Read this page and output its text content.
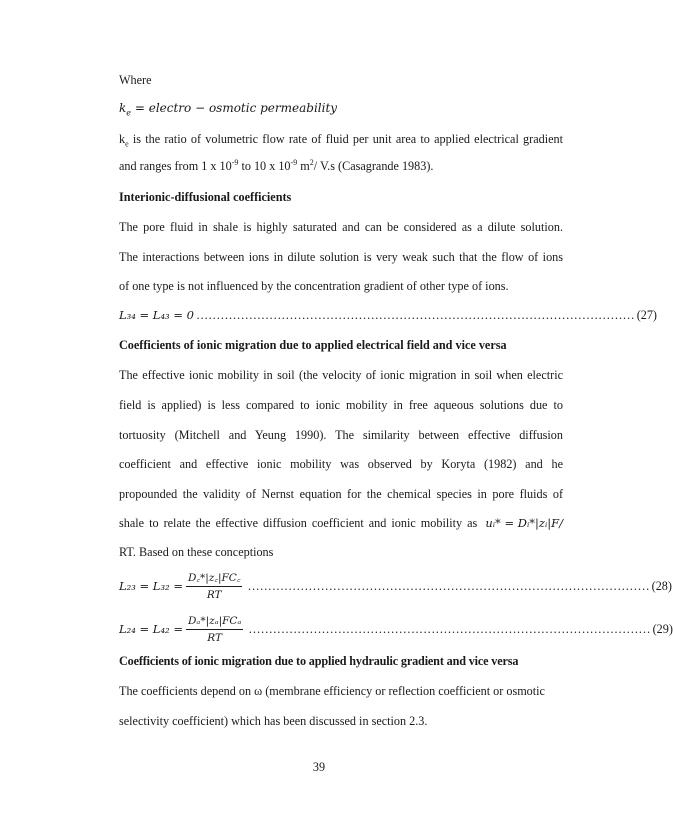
Where
$k_e$ = electro − osmotic permeability
$k_e$ is the ratio of volumetric flow rate of fluid per unit area to applied electrical gradient
and ranges from 1 x $10^{-9}$ to 10 x $10^{-9}$ $m^2/$ V.s (Casagrande 1983).
Interionic-diffusional coefficients
The pore fluid in shale is highly saturated and can be considered as a dilute solution.
The interactions between ions in dilute solution is very weak such that the flow of ions
of one type is not influenced by the concentration gradient of other type of ions.
L₃₄ = L₄₃ = 0 ……………………………………………………………………………………………… (27)
Coefficients of ionic migration due to applied electrical field and vice versa
The effective ionic mobility in soil (the velocity of ionic migration in soil when electric
field is applied) is less compared to ionic mobility in free aqueous solutions due to
tortuosity (Mitchell and Yeung 1990). The similarity between effective diffusion
coefficient and effective ionic mobility was observed by Koryta (1982) and he
propounded the validity of Nernst equation for the chemical species in pore fluids of
shale to relate the effective diffusion coefficient and ionic mobility as uᵢ* = Dᵢ*|zᵢ|F/
RT. Based on these conceptions
$L_{23} = L_{32} = \frac{D꜀*|z꜀|FC꜀}{RT}$ ……………………………………………………………………………………… (28)
$L_{24} = L_{42} = \frac{\text{Dₐ*|zₐ|FCₐ}}{RT}$ ……………………………………………………………………………………… (29)
Coefficients of ionic migration due to applied hydraulic gradient and vice versa
The coefficients depend on ω (membrane efficiency or reflection coefficient or osmotic
selectivity coefficient) which has been discussed in section 2.3.
39
